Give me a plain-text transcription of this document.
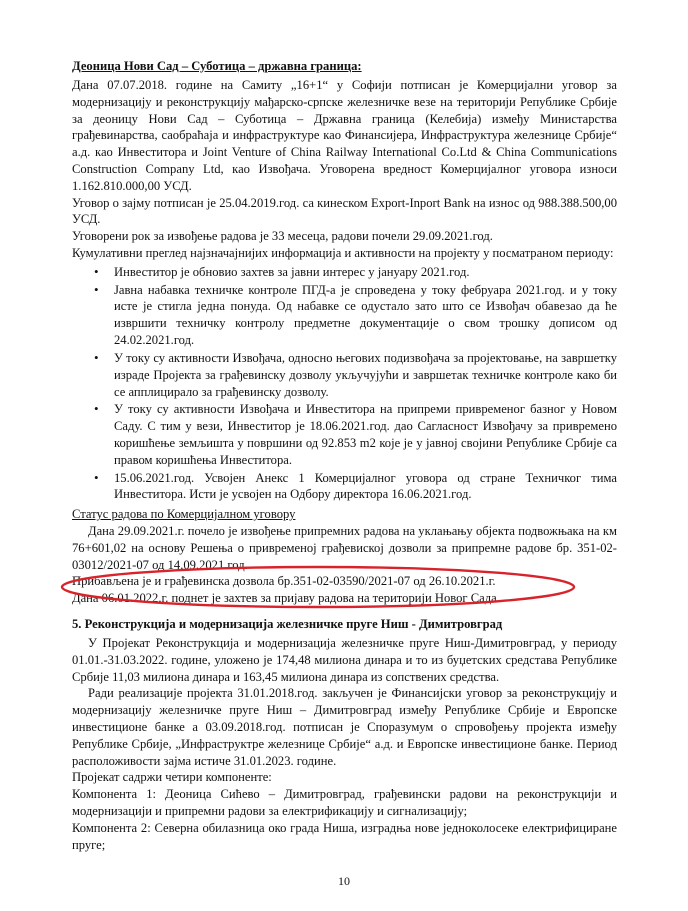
Деоница Нови Сад – Суботица – државна граница:

Дана 07.07.2018. године на Самиту „16+1“ у Софији потписан је Комерцијални уговор за модернизацију и реконструкцију мађарско-српске железничке везе на територији Републике Србије за деоницу Нови Сад – Суботица – Државна граница (Келебија) између Министарства грађевинарства, саобраћаја и инфраструктуре као Финансијера, Инфраструктура железнице Србије“ а.д. као Инвеститора и Joint Venture of China Railway International Co.Ltd & China Communications Construction Company Ltd, као Извођача. Уговорена вредност Комерцијалног уговора износи 1.162.810.000,00 УСД.

Уговор о зајму потписан је 25.04.2019.год. са кинеском Export-Inport Bank на износ од 988.388.500,00 УСД.

Уговорени рок за извођење радова је 33 месеца, радови почели 29.09.2021.год.

Кумулативни преглед најзначајнијих информација и активности на пројекту у посматраном периоду:

• Инвеститор је обновио захтев за јавни интерес у јануару 2021.год.
• Јавна набавка техничке контроле ПГД-а је спроведена у току фебруара 2021.год. и у току исте је стигла једна понуда. Од набавке се одустало зато што се Извођач обавезао да ће извршити техничку контролу предметне документације о свом трошку дописом од 24.02.2021.год.
• У току су активности Извођача, односно његових подизвођача за пројектовање, на завршетку израде Пројекта за грађевинску дозволу укључујући и завршетак техничке контроле како би се апплицирало за грађевинску дозволу.
• У току су активности Извођача и Инвеститора на припреми привременог базног у Новом Саду. С тим у вези, Инвеститор је 18.06.2021.год. дао Сагласност Извођачу за привремено коришћење земљишта у површини од 92.853 m2 које је у јавној својини Републике Србије са правом коришћења Инвеститора.
• 15.06.2021.год. Усвојен Анекс 1 Комерцијалног уговора од стране Техничког тима Инвеститора. Исти је усвојен на Одбору директора 16.06.2021.год.
Статус радова по Комерцијалном уговору

Дана 29.09.2021.г. почело је извођење припремних радова на уклањању објекта подвожњака на км 76+601,02 на основу Решења о привременој грађевиској дозволи за припремне радове бр. 351-02-03012/2021-07 од 14.09.2021.год.

Прибављена је и грађевинска дозвола бр.351-02-03590/2021-07 од 26.10.2021.г.

Дана 06.01.2022.г. поднет је захтев за пријаву радова на територији Новог Сада.

5. Реконструкција и модернизација железничке пруге Ниш - Димитровград

У Пројекат Реконструкција и модернизација железничке пруге Ниш-Димитровград, у периоду 01.01.-31.03.2022. године, уложено је 174,48 милиона динара и то из буџетских средстава Републике Србије 11,03 милиона динара и 163,45 милиона динара из сопствених средства.

Ради реализације пројекта 31.01.2018.год. закључен је Финансијски уговор за реконструкцију и модернизацију железничке пруге Ниш – Димитровград између Републике Србије и Европске инвестиционе банке а 03.09.2018.год. потписан је Споразумум о спровођењу пројекта између Републике Србије, „Инфраструктре железнице Србије“ а.д. и Европске инвестиционе банке. Период расположивости зајма истиче 31.01.2023. године.

Пројекат садржи четири компоненте:

Компонента 1: Деоница Сићево – Димитровград, грађевински радови на реконструкцији и модернизацији и припремни радови за електрификацију и сигнализацију;

Компонента 2: Северна обилазница око града Ниша, изградња нове једноколосеке електрифициране пруге;

10
